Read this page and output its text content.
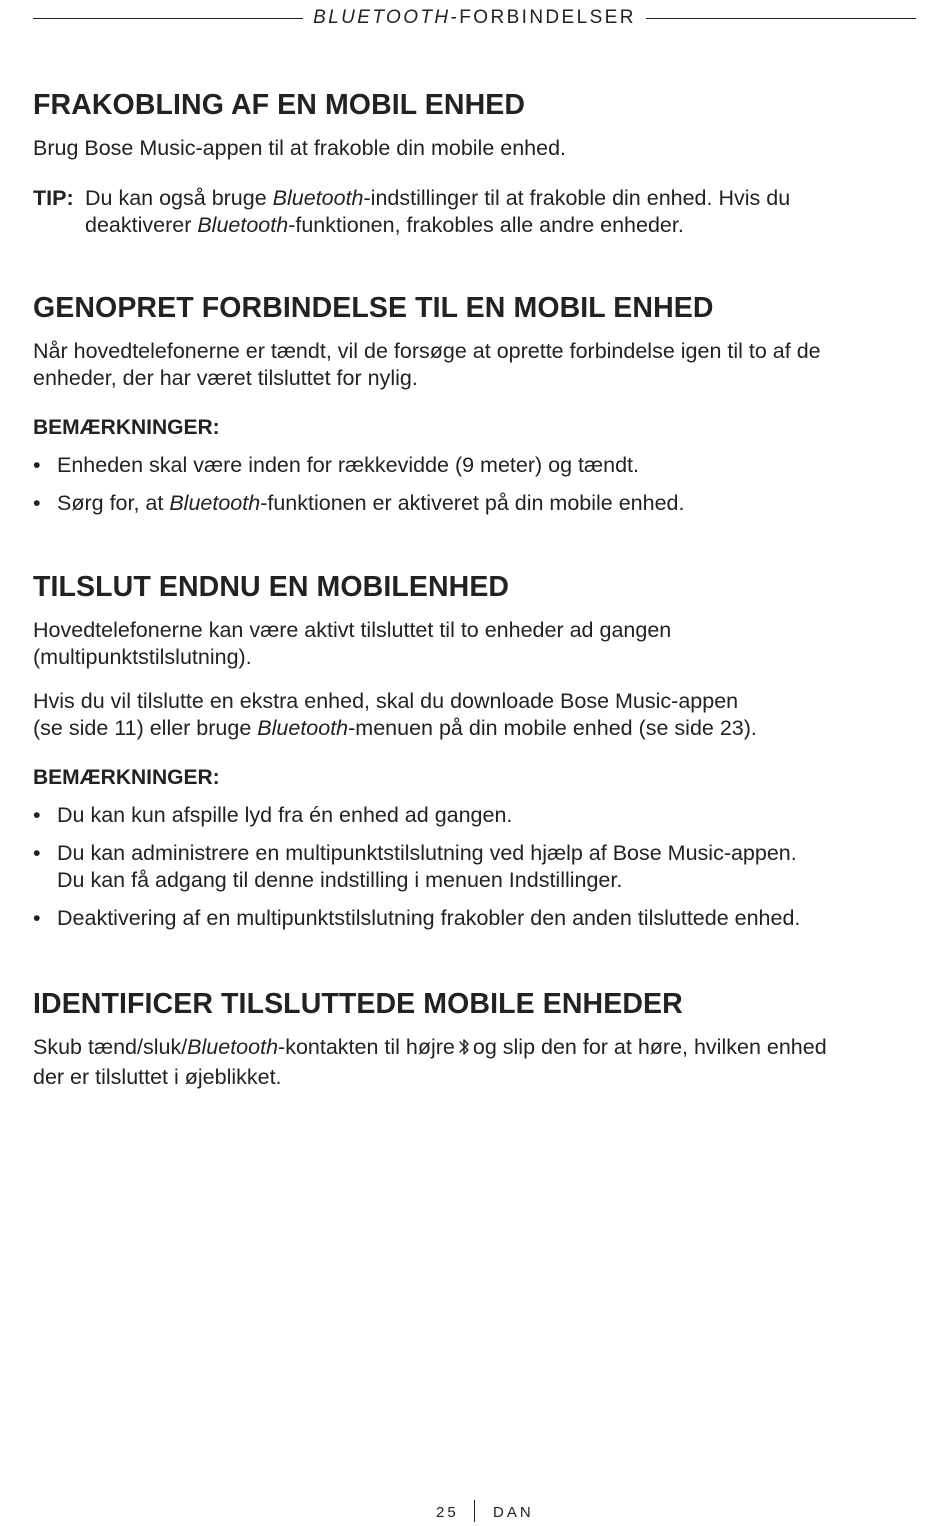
BLUETOOTH-FORBINDELSER
FRAKOBLING AF EN MOBIL ENHED

Brug Bose Music-appen til at frakoble din mobile enhed.

TIP: Du kan også bruge Bluetooth-indstillinger til at frakoble din enhed. Hvis du
deaktiverer Bluetooth-funktionen, frakobles alle andre enheder.
GENOPRET FORBINDELSE TIL EN MOBIL ENHED

Når hovedtelefonerne er tændt, vil de forsøge at oprette forbindelse igen til to af de
enheder, der har været tilsluttet for nylig.

BEMÆRKNINGER:
• Enheden skal være inden for rækkevidde (9 meter) og tændt.
• Sørg for, at Bluetooth-funktionen er aktiveret på din mobile enhed.
TILSLUT ENDNU EN MOBILENHED

Hovedtelefonerne kan være aktivt tilsluttet til to enheder ad gangen
(multipunktstilslutning).

Hvis du vil tilslutte en ekstra enhed, skal du downloade Bose Music-appen
(se side 11) eller bruge Bluetooth-menuen på din mobile enhed (se side 23).

BEMÆRKNINGER:
• Du kan kun afspille lyd fra én enhed ad gangen.
• Du kan administrere en multipunktstilslutning ved hjælp af Bose Music-appen.
Du kan få adgang til denne indstilling i menuen Indstillinger.
• Deaktivering af en multipunktstilslutning frakobler den anden tilsluttede enhed.
IDENTIFICER TILSLUTTEDE MOBILE ENHEDER

Skub tænd/sluk/Bluetooth-kontakten til højre og slip den for at høre, hvilken enhed
der er tilsluttet i øjeblikket.

25 DAN
